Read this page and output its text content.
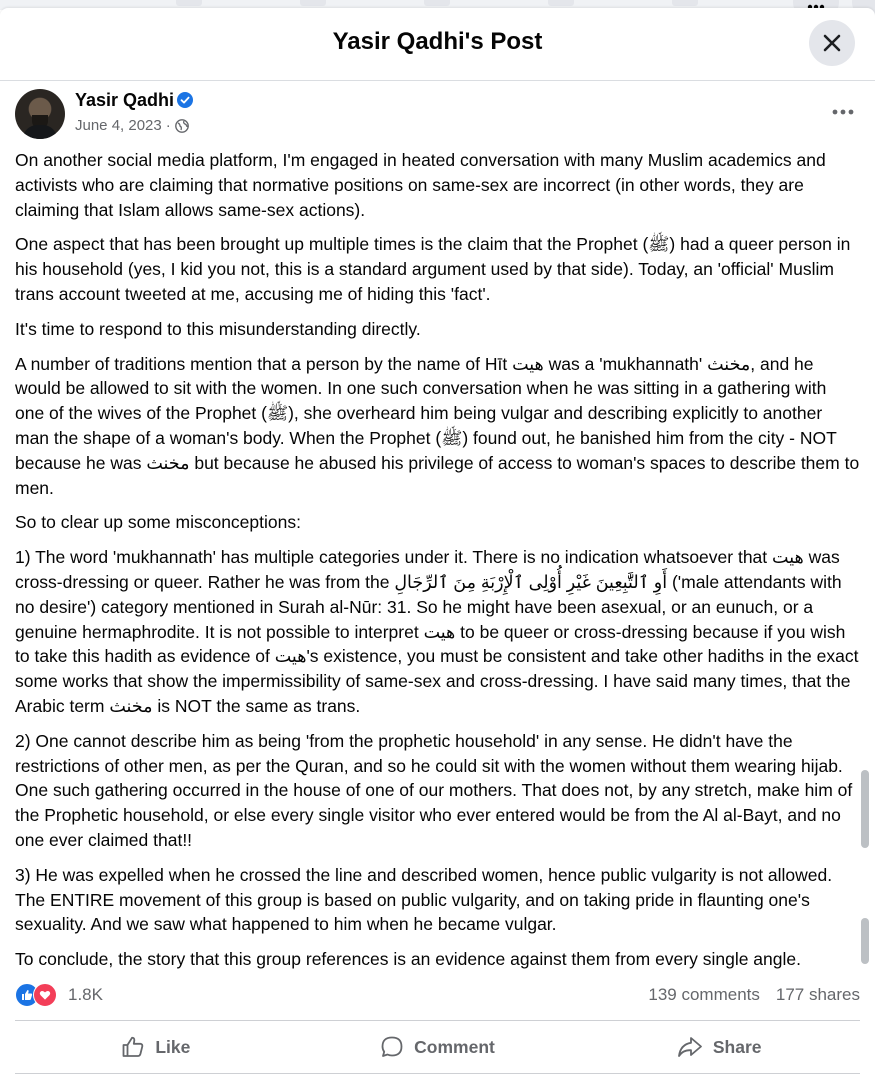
Yasir Qadhi's Post
Yasir Qadhi
June 4, 2023 ·

On another social media platform, I'm engaged in heated conversation with many Muslim academics and activists who are claiming that normative positions on same-sex are incorrect (in other words, they are claiming that Islam allows same-sex actions).

One aspect that has been brought up multiple times is the claim that the Prophet (ﷺ) had a queer person in his household (yes, I kid you not, this is a standard argument used by that side). Today, an 'official' Muslim trans account tweeted at me, accusing me of hiding this 'fact'.

It's time to respond to this misunderstanding directly.

A number of traditions mention that a person by the name of Hīt هيت was a 'mukhannath' مخنث, and he would be allowed to sit with the women. In one such conversation when he was sitting in a gathering with one of the wives of the Prophet (ﷺ), she overheard him being vulgar and describing explicitly to another man the shape of a woman's body. When the Prophet (ﷺ) found out, he banished him from the city - NOT because he was مخنث but because he abused his privilege of access to woman's spaces to describe them to men.

So to clear up some misconceptions:

1) The word 'mukhannath' has multiple categories under it. There is no indication whatsoever that هيت was cross-dressing or queer. Rather he was from the أَوِ ٱلتَّٰبِعِينَ غَيْرِ أُوْلِى ٱلْإِرْبَةِ مِنَ ٱلرِّجَالِ ('male attendants with no desire') category mentioned in Surah al-Nūr: 31. So he might have been asexual, or an eunuch, or a genuine hermaphrodite. It is not possible to interpret هيت to be queer or cross-dressing because if you wish to take this hadith as evidence of هيت's existence, you must be consistent and take other hadiths in the exact some works that show the impermissibility of same-sex and cross-dressing. I have said many times, that the Arabic term مخنث is NOT the same as trans.

2) One cannot describe him as being 'from the prophetic household' in any sense. He didn't have the restrictions of other men, as per the Quran, and so he could sit with the women without them wearing hijab. One such gathering occurred in the house of one of our mothers. That does not, by any stretch, make him of the Prophetic household, or else every single visitor who ever entered would be from the Al al-Bayt, and no one ever claimed that!!

3) He was expelled when he crossed the line and described women, hence public vulgarity is not allowed. The ENTIRE movement of this group is based on public vulgarity, and on taking pride in flaunting one's sexuality. And we saw what happened to him when he became vulgar.

To conclude, the story that this group references is an evidence against them from every single angle.

1.8K	139 comments 177 shares
Like	Comment	Share
